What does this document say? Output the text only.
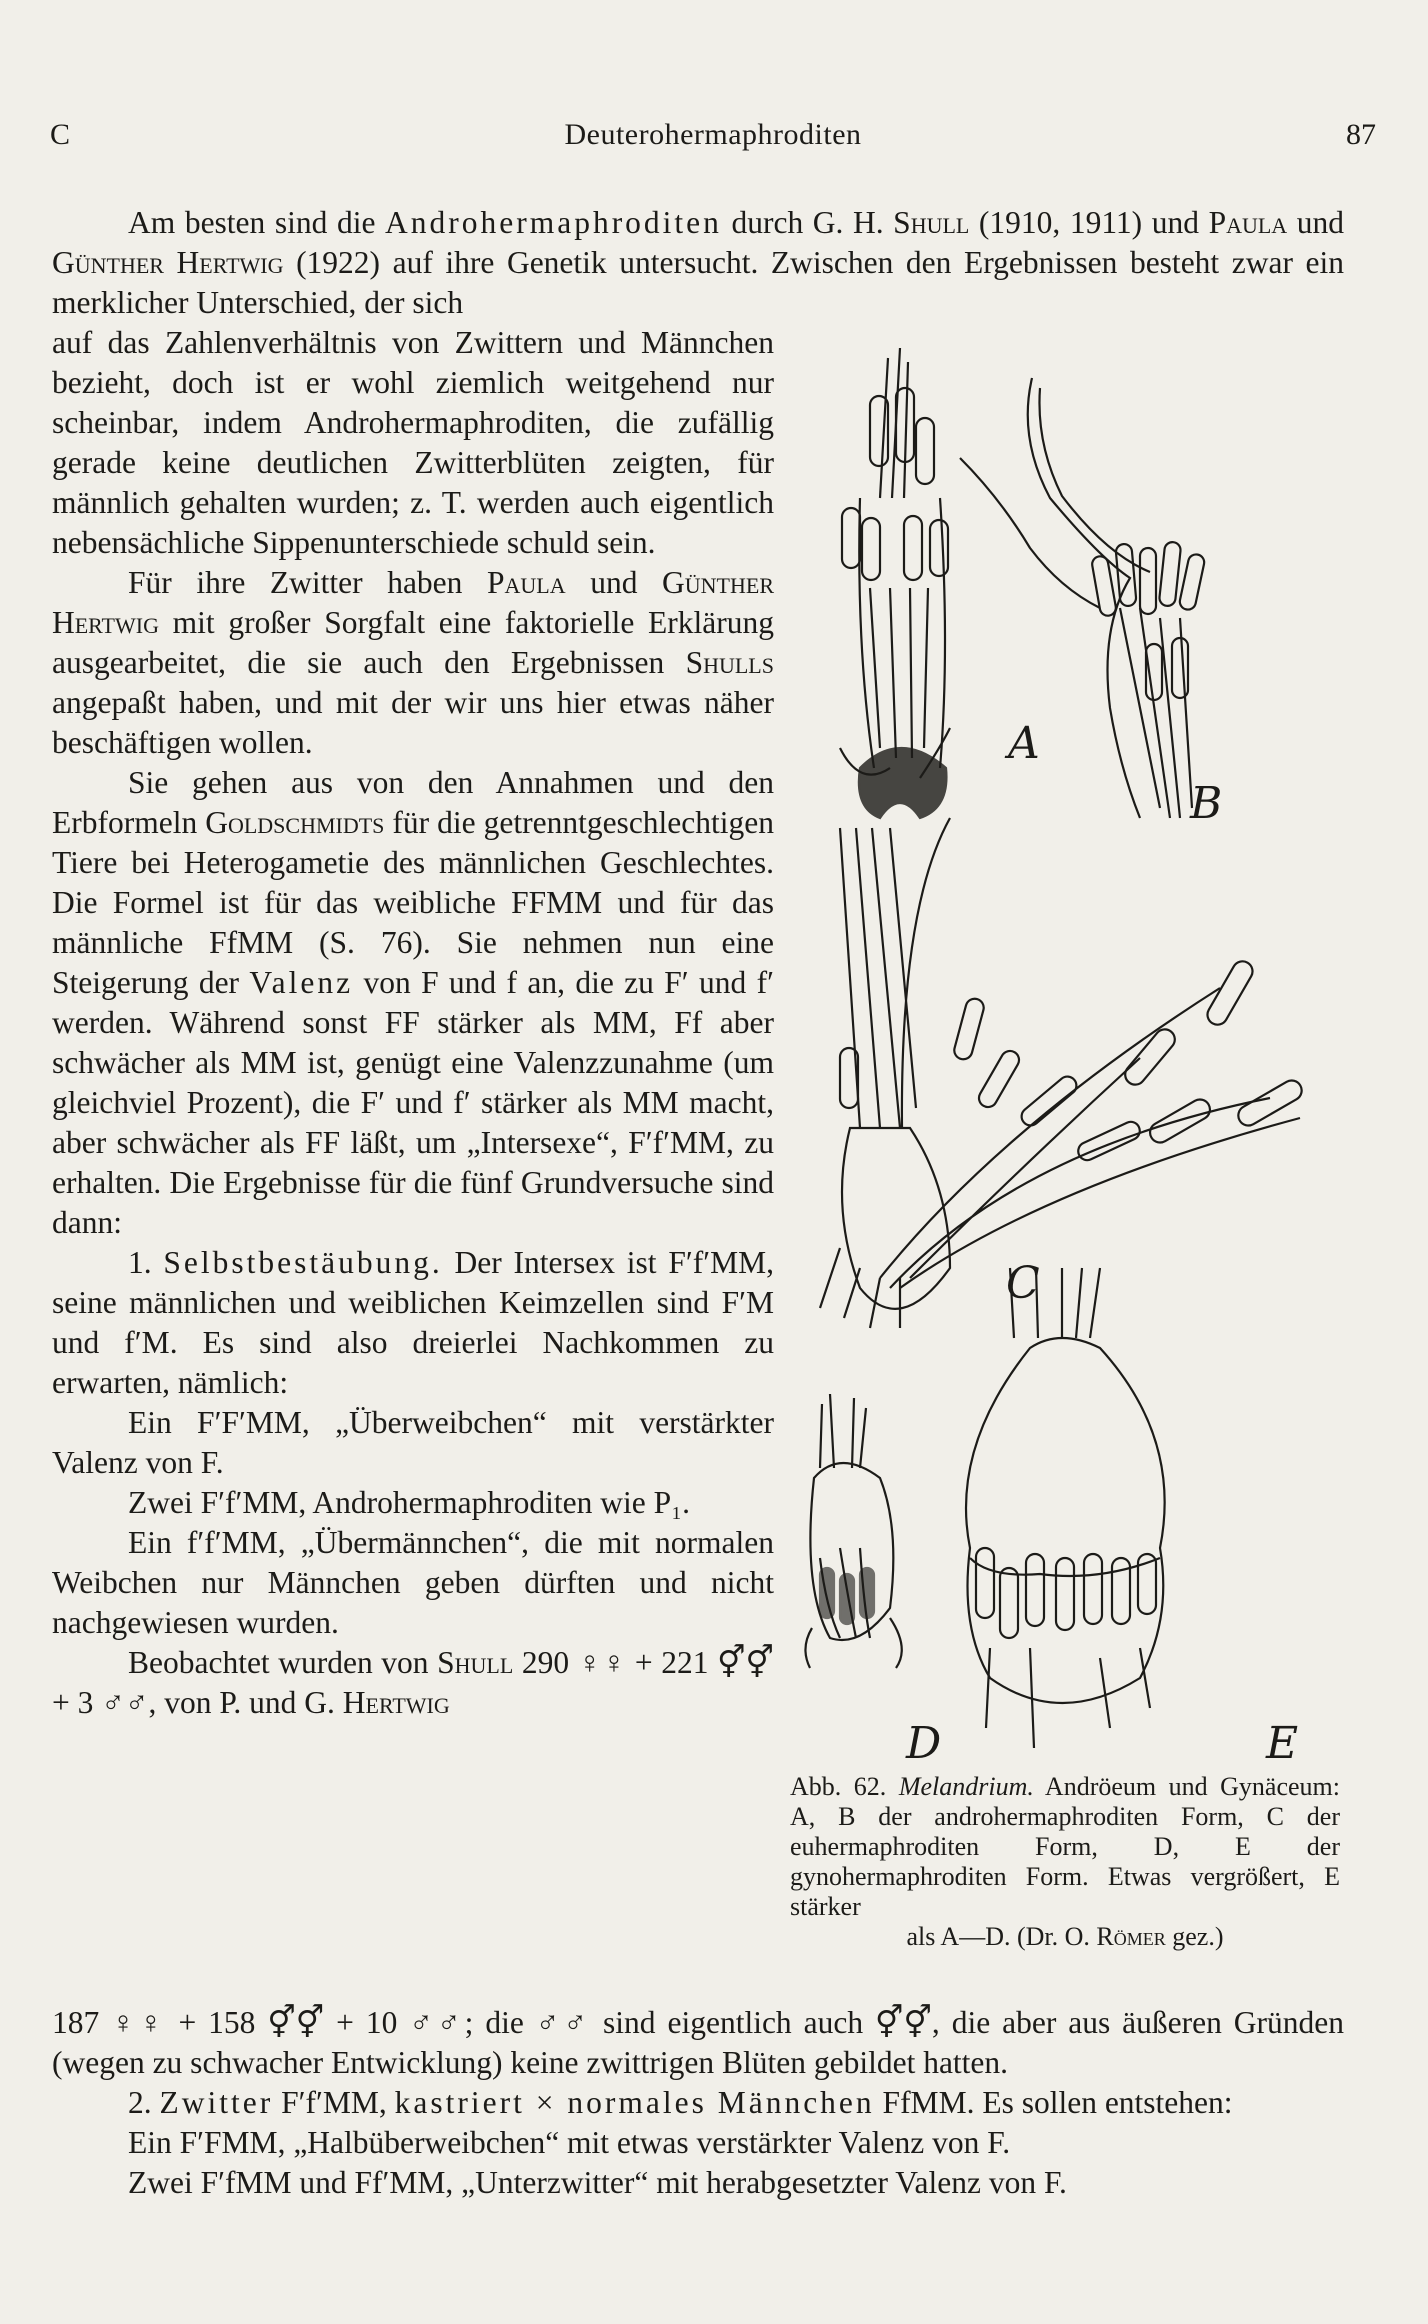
C	Deuterohermaphroditen	87

Am besten sind die Androhermaphroditen durch G. H. Shull (1910, 1911) und Paula und Günther Hertwig (1922) auf ihre Genetik untersucht. Zwischen den Ergebnissen besteht zwar ein merklicher Unterschied, der sich

auf das Zahlenverhältnis von Zwittern und Männchen bezieht, doch ist er wohl ziemlich weitgehend nur scheinbar, indem Androhermaphroditen, die zufällig gerade keine deutlichen Zwitterblüten zeigten, für männlich gehalten wurden; z. T. werden auch eigentlich nebensächliche Sippenunterschiede schuld sein.

Für ihre Zwitter haben Paula und Günther Hertwig mit großer Sorgfalt eine faktorielle Erklärung ausgearbeitet, die sie auch den Ergebnissen Shulls angepaßt haben, und mit der wir uns hier etwas näher beschäftigen wollen.

Sie gehen aus von den Annahmen und den Erbformeln Goldschmidts für die getrenntgeschlechtigen Tiere bei Heterogametie des männlichen Geschlechtes. Die Formel ist für das weibliche FFMM und für das männliche FfMM (S. 76). Sie nehmen nun eine Steigerung der Valenz von F und f an, die zu F′ und f′ werden. Während sonst FF stärker als MM, Ff aber schwächer als MM ist, genügt eine Valenzzunahme (um gleichviel Prozent), die F′ und f′ stärker als MM macht, aber schwächer als FF läßt, um „Intersexe“, F′f′MM, zu erhalten. Die Ergebnisse für die fünf Grundversuche sind dann:

1. Selbstbestäubung. Der Intersex ist F′f′MM, seine männlichen und weiblichen Keimzellen sind F′M und f′M. Es sind also dreierlei Nachkommen zu erwarten, nämlich:

Ein F′F′MM, „Überweibchen“ mit verstärkter Valenz von F.

Zwei F′f′MM, Androhermaphroditen wie P₁.

Ein f′f′MM, „Übermännchen“, die mit normalen Weibchen nur Männchen geben dürften und nicht nachgewiesen wurden.

Beobachtet wurden von Shull 290 ♀♀ + 221 ⚥⚥ + 3 ♂♂, von P. und G. Hertwig

187 ♀♀ + 158 ⚥⚥ + 10 ♂♂; die ♂♂ sind eigentlich auch ⚥⚥, die aber aus äußeren Gründen (wegen zu schwacher Entwicklung) keine zwittrigen Blüten gebildet hatten.

2. Zwitter F′f′MM, kastriert × normales Männchen FfMM. Es sollen entstehen:

Ein F′FMM, „Halbüberweibchen“ mit etwas verstärkter Valenz von F.

Zwei F′fMM und Ff′MM, „Unterzwitter“ mit herabgesetzter Valenz von F.

A
B
C
D	E
Abb. 62. Melandrium. Andröeum und Gynäceum: A, B der androhermaphroditen Form, C der euhermaphroditen Form, D, E der gynohermaphroditen Form. Etwas vergrößert, E stärker
als A—D. (Dr. O. Römer gez.)
